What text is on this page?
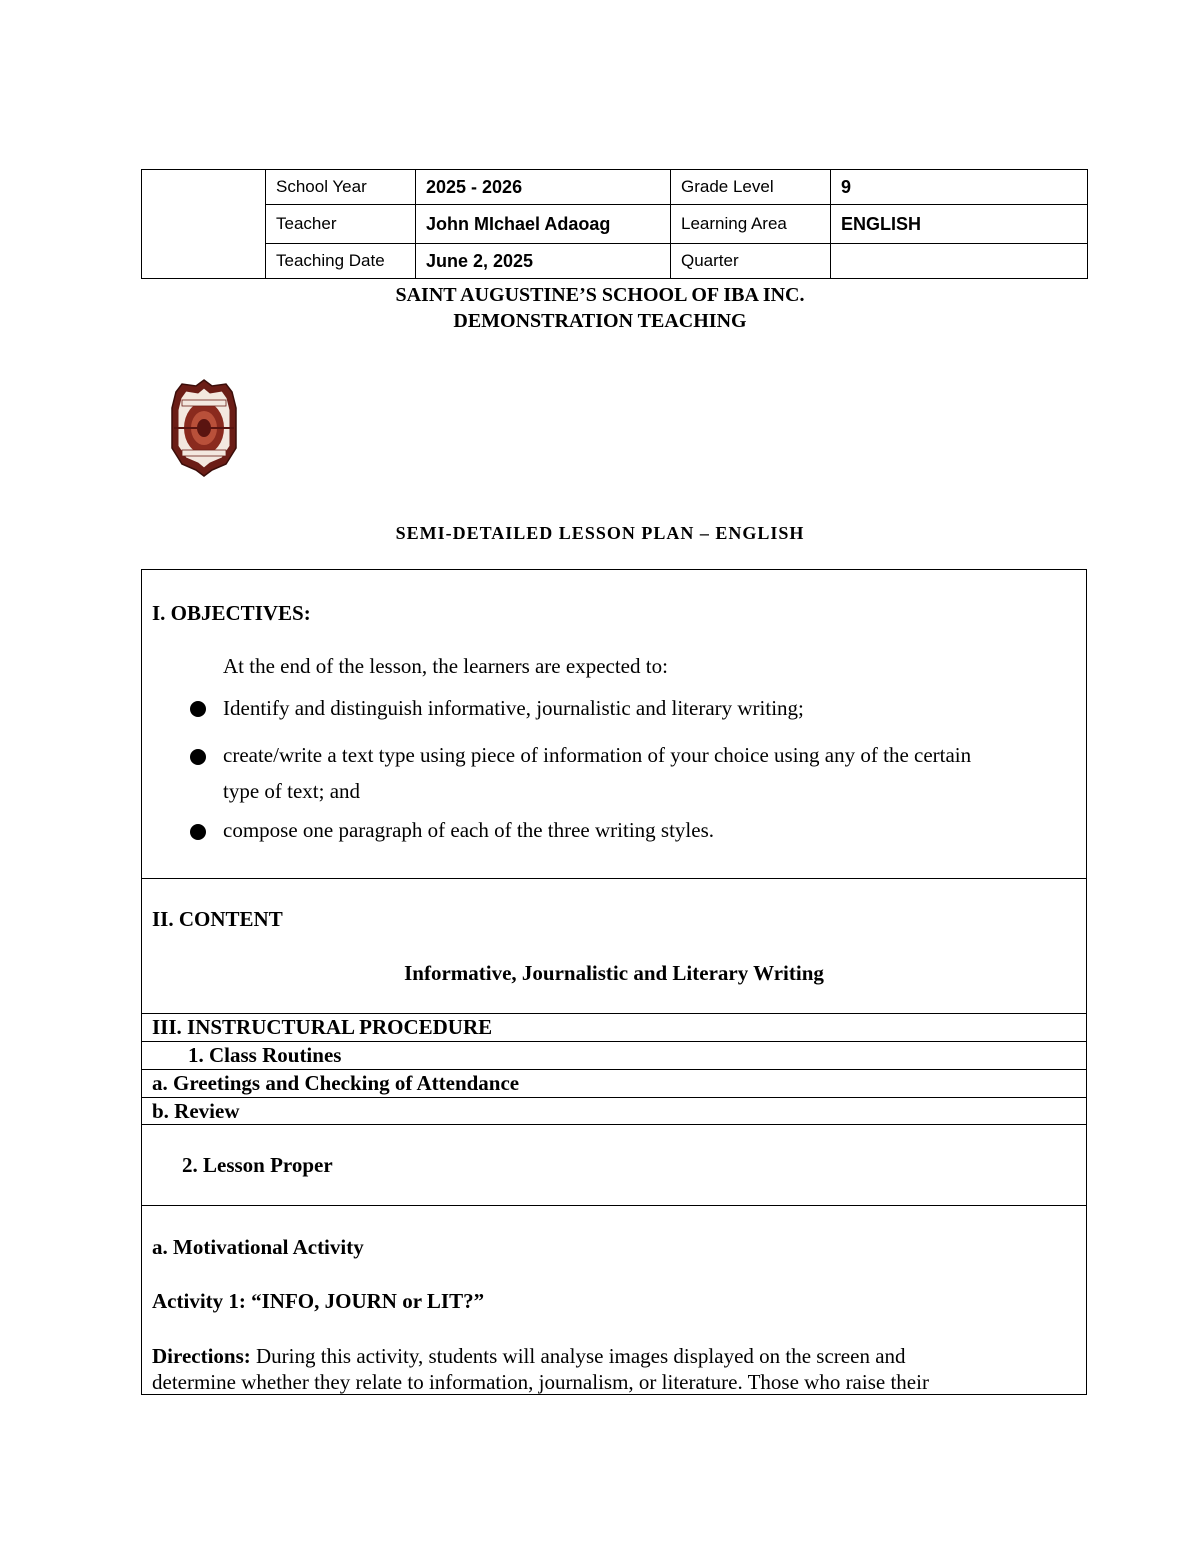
	School Year	2025 - 2026	Grade Level	9
	Teacher	John MIchael Adaoag	Learning Area	ENGLISH
	Teaching Date	June 2, 2025	Quarter	
SAINT AUGUSTINE’S SCHOOL OF IBA INC.
DEMONSTRATION TEACHING
SEMI-DETAILED LESSON PLAN – ENGLISH
I. OBJECTIVES:
At the end of the lesson, the learners are expected to:
Identify and distinguish informative, journalistic and literary writing;
create/write a text type using piece of information of your choice using any of the certain
type of text; and
compose one paragraph of each of the three writing styles.
II. CONTENT
Informative, Journalistic and Literary Writing
III. INSTRUCTURAL PROCEDURE
1. Class Routines
a. Greetings and Checking of Attendance
b. Review
2. Lesson Proper
a. Motivational Activity
Activity 1: “INFO, JOURN or LIT?”
Directions: During this activity, students will analyse images displayed on the screen and
determine whether they relate to information, journalism, or literature. Those who raise their
